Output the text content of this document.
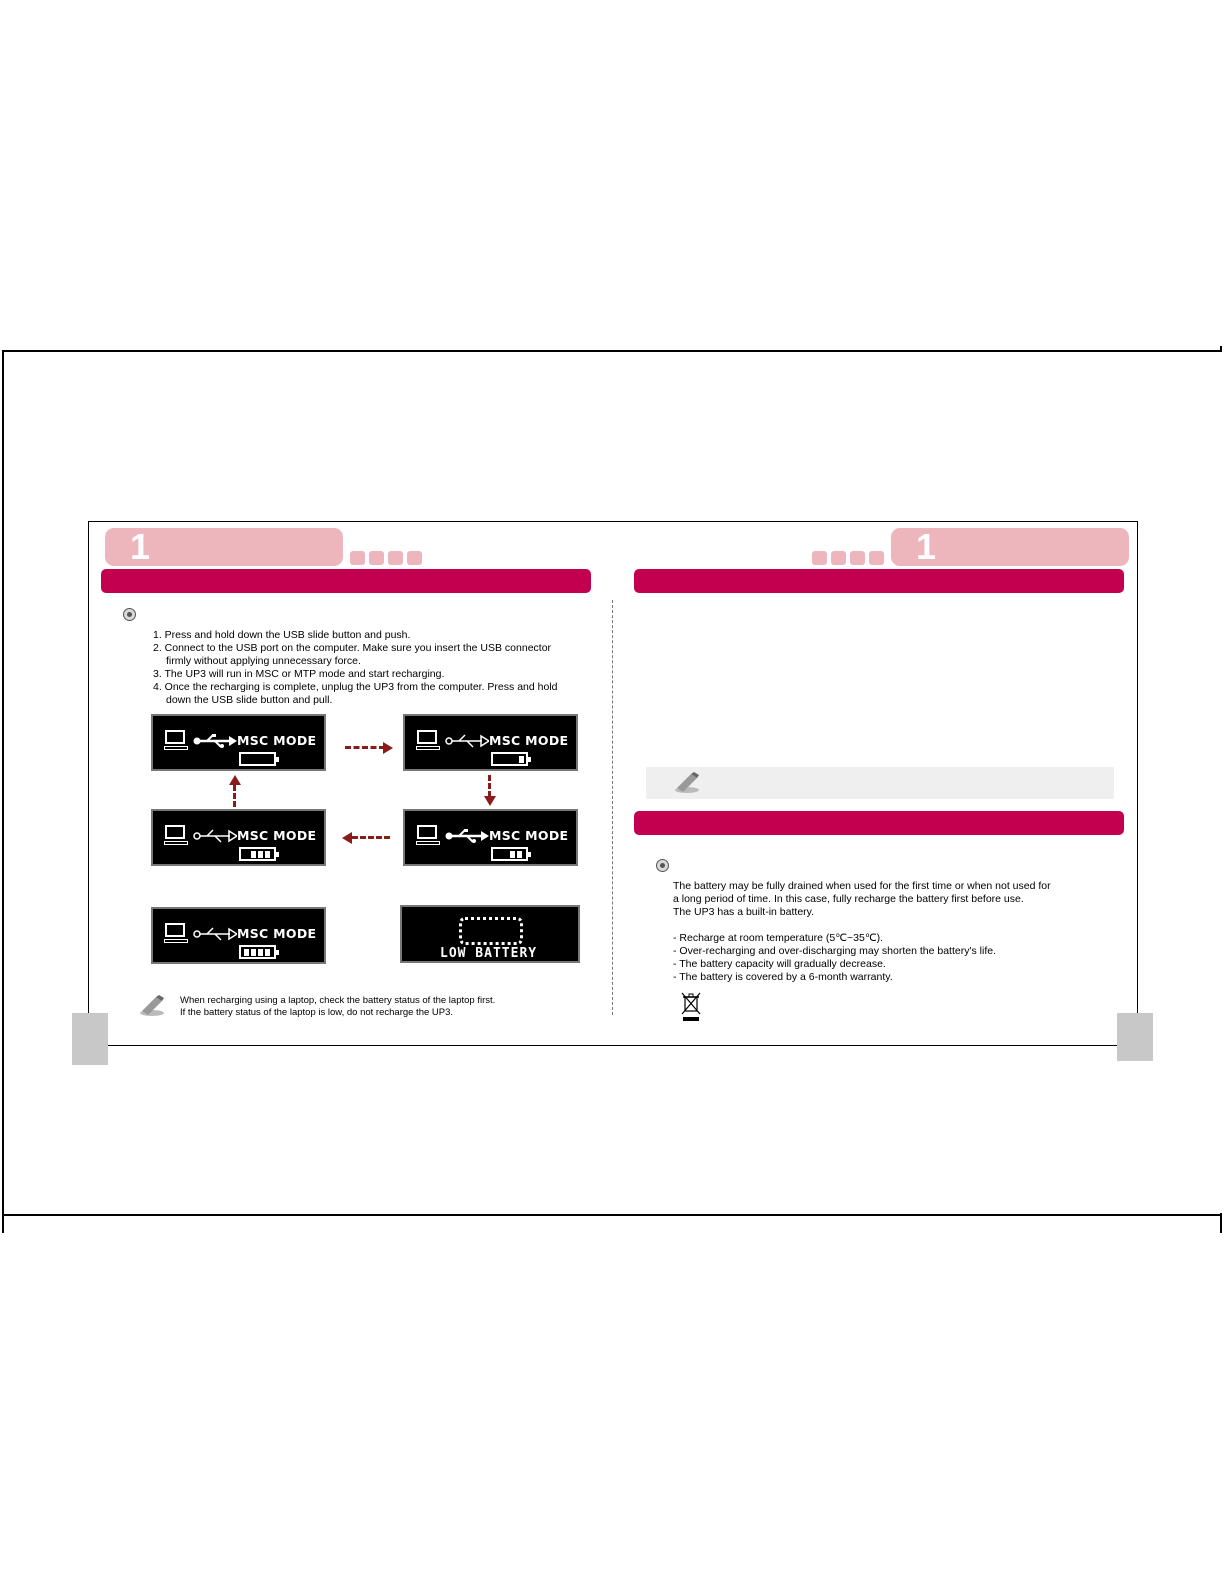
1	1
1. Press and hold down the USB slide button and push.
2. Connect to the USB port on the computer. Make sure you insert the USB connector
firmly without applying unnecessary force.
3. The UP3 will run in MSC or MTP mode and start recharging.
4. Once the recharging is complete, unplug the UP3 from the computer. Press and hold
down the USB slide button and pull.
MSC MODE	MSC MODE
MSC MODE	MSC MODE
MSC MODE
LOW BATTERY
When recharging using a laptop, check the battery status of the laptop first.
If the battery status of the laptop is low, do not recharge the UP3.
The battery may be fully drained when used for the first time or when not used for
a long period of time. In this case, fully recharge the battery first before use.
The UP3 has a built-in battery.
- Recharge at room temperature (5℃~35℃).
- Over-recharging and over-discharging may shorten the battery's life.
- The battery capacity will gradually decrease.
- The battery is covered by a 6-month warranty.
